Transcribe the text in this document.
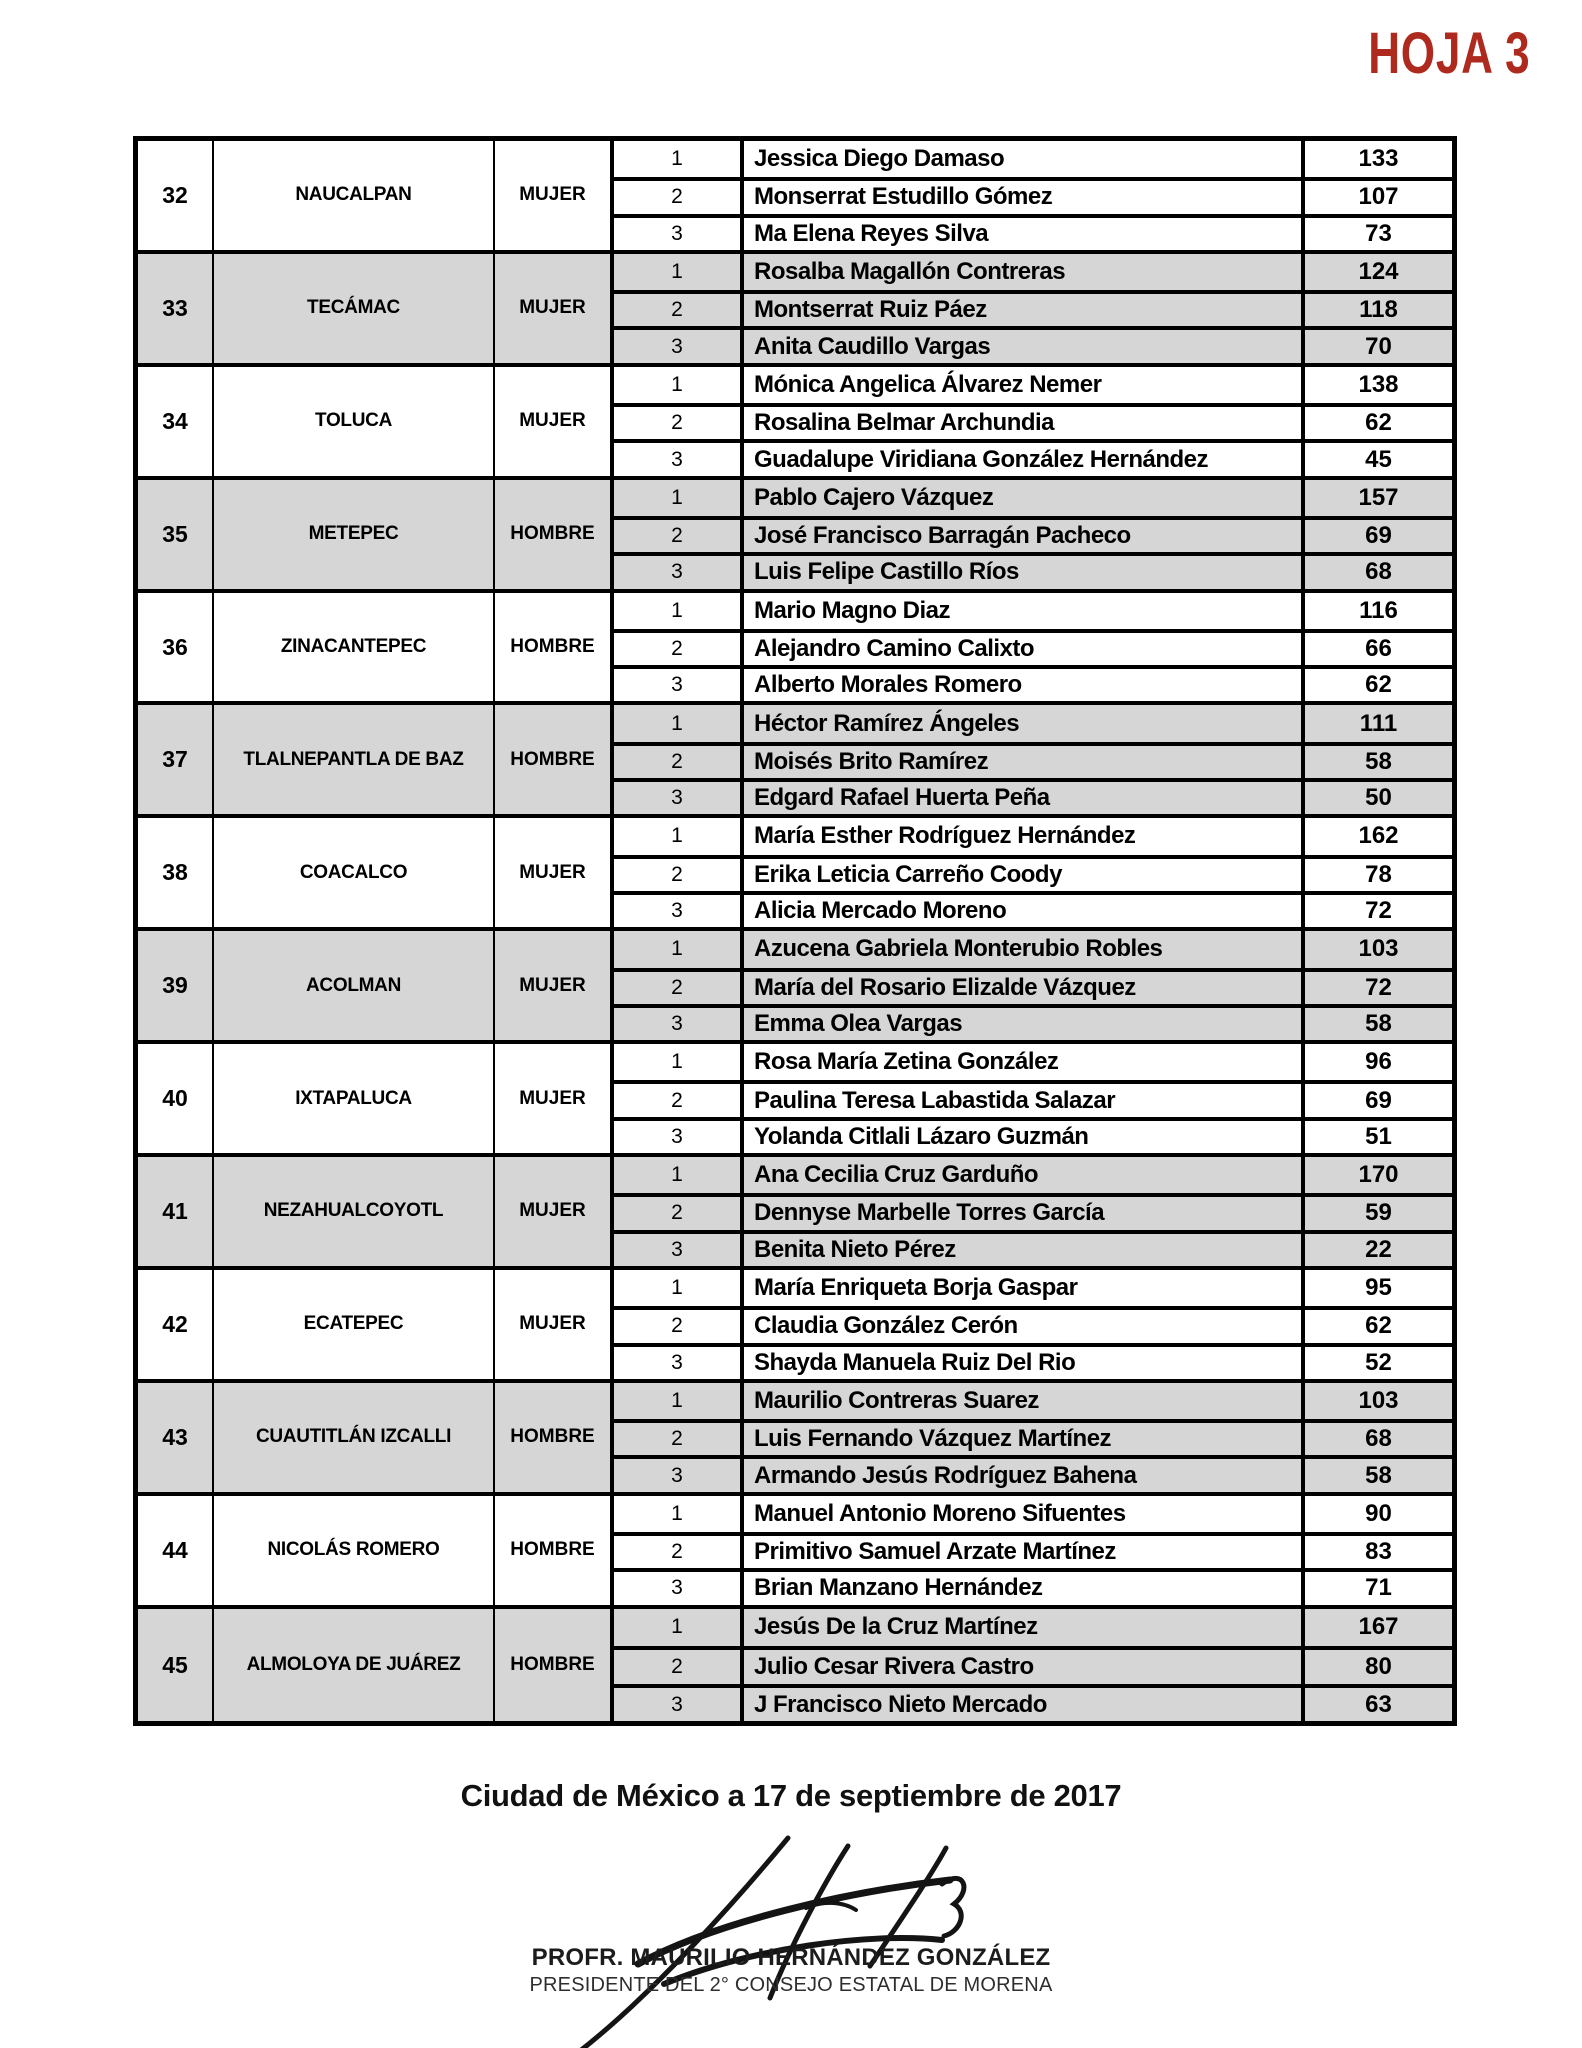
HOJA 3
32	NAUCALPAN	MUJER
1	Jessica Diego Damaso	133
2	Monserrat Estudillo Gómez	107
3	Ma Elena Reyes Silva	73
33	TECÁMAC	MUJER
1	Rosalba Magallón Contreras	124
2	Montserrat Ruiz Páez	118
3	Anita Caudillo Vargas	70
34	TOLUCA	MUJER
1	Mónica Angelica Álvarez Nemer	138
2	Rosalina Belmar Archundia	62
3	Guadalupe Viridiana González Hernández	45
35	METEPEC	HOMBRE
1	Pablo Cajero Vázquez	157
2	José Francisco Barragán Pacheco	69
3	Luis Felipe Castillo Ríos	68
36	ZINACANTEPEC	HOMBRE
1	Mario Magno Diaz	116
2	Alejandro Camino Calixto	66
3	Alberto Morales Romero	62
37	TLALNEPANTLA DE BAZ	HOMBRE
1	Héctor Ramírez Ángeles	111
2	Moisés Brito Ramírez	58
3	Edgard Rafael Huerta Peña	50
38	COACALCO	MUJER
1	María Esther Rodríguez Hernández	162
2	Erika Leticia Carreño Coody	78
3	Alicia Mercado Moreno	72
39	ACOLMAN	MUJER
1	Azucena Gabriela Monterubio Robles	103
2	María del Rosario Elizalde Vázquez	72
3	Emma Olea Vargas	58
40	IXTAPALUCA	MUJER
1	Rosa María Zetina González	96
2	Paulina Teresa Labastida Salazar	69
3	Yolanda Citlali Lázaro Guzmán	51
41	NEZAHUALCOYOTL	MUJER
1	Ana Cecilia Cruz Garduño	170
2	Dennyse Marbelle Torres García	59
3	Benita Nieto Pérez	22
42	ECATEPEC	MUJER
1	María Enriqueta Borja Gaspar	95
2	Claudia González Cerón	62
3	Shayda Manuela Ruiz Del Rio	52
43	CUAUTITLÁN IZCALLI	HOMBRE
1	Maurilio Contreras Suarez	103
2	Luis Fernando Vázquez Martínez	68
3	Armando Jesús Rodríguez Bahena	58
44	NICOLÁS ROMERO	HOMBRE
1	Manuel Antonio Moreno Sifuentes	90
2	Primitivo Samuel Arzate Martínez	83
3	Brian Manzano Hernández	71
45	ALMOLOYA DE JUÁREZ	HOMBRE
1	Jesús De la Cruz Martínez	167
2	Julio Cesar Rivera Castro	80
3	J Francisco Nieto Mercado	63
Ciudad de México a 17 de septiembre de 2017
PROFR. MAURILIO HERNÁNDEZ GONZÁLEZ
PRESIDENTE DEL 2° CONSEJO ESTATAL DE MORENA
